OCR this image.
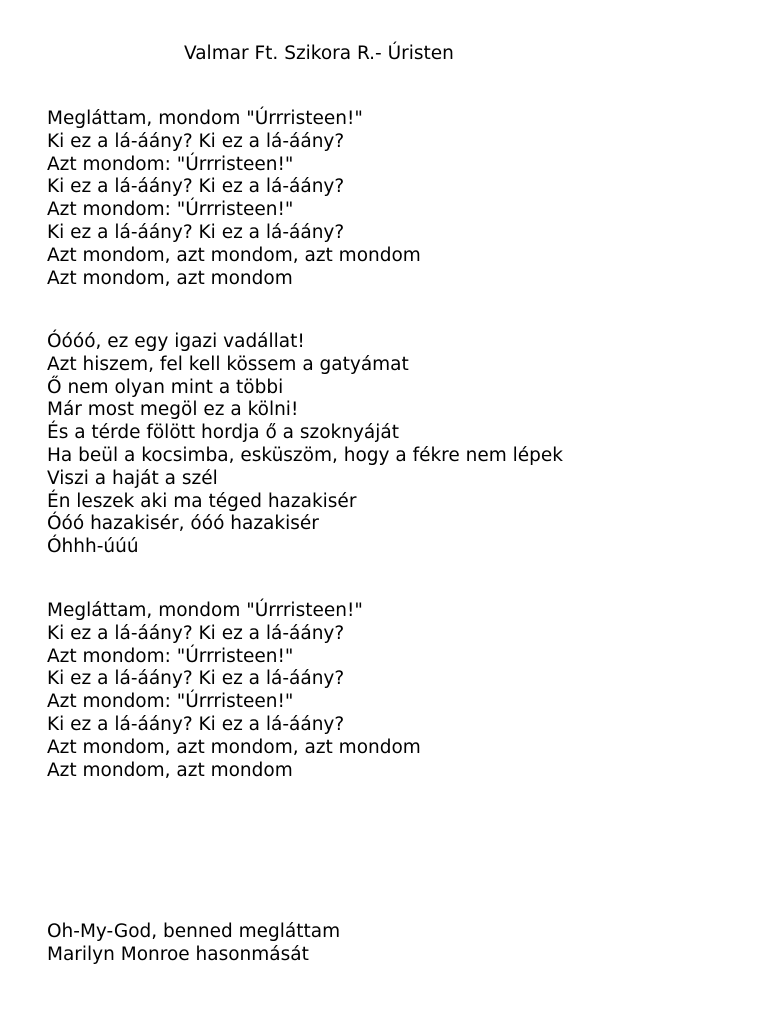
Valmar Ft. Szikora R.- Úristen
Megláttam, mondom "Úrrristeen!"
Ki ez a lá-áány? Ki ez a lá-áány?
Azt mondom: "Úrrristeen!"
Ki ez a lá-áány? Ki ez a lá-áány?
Azt mondom: "Úrrristeen!"
Ki ez a lá-áány? Ki ez a lá-áány?
Azt mondom, azt mondom, azt mondom
Azt mondom, azt mondom
Óóóó, ez egy igazi vadállat!
Azt hiszem, fel kell kössem a gatyámat
Ő nem olyan mint a többi
Már most megöl ez a kölni!
És a térde fölött hordja ő a szoknyáját
Ha beül a kocsimba, esküszöm, hogy a fékre nem lépek
Viszi a haját a szél
Én leszek aki ma téged hazakisér
Óóó hazakisér, óóó hazakisér
Óhhh-úúú
Megláttam, mondom "Úrrristeen!"
Ki ez a lá-áány? Ki ez a lá-áány?
Azt mondom: "Úrrristeen!"
Ki ez a lá-áány? Ki ez a lá-áány?
Azt mondom: "Úrrristeen!"
Ki ez a lá-áány? Ki ez a lá-áány?
Azt mondom, azt mondom, azt mondom
Azt mondom, azt mondom
Oh-My-God, benned megláttam
Marilyn Monroe hasonmását
